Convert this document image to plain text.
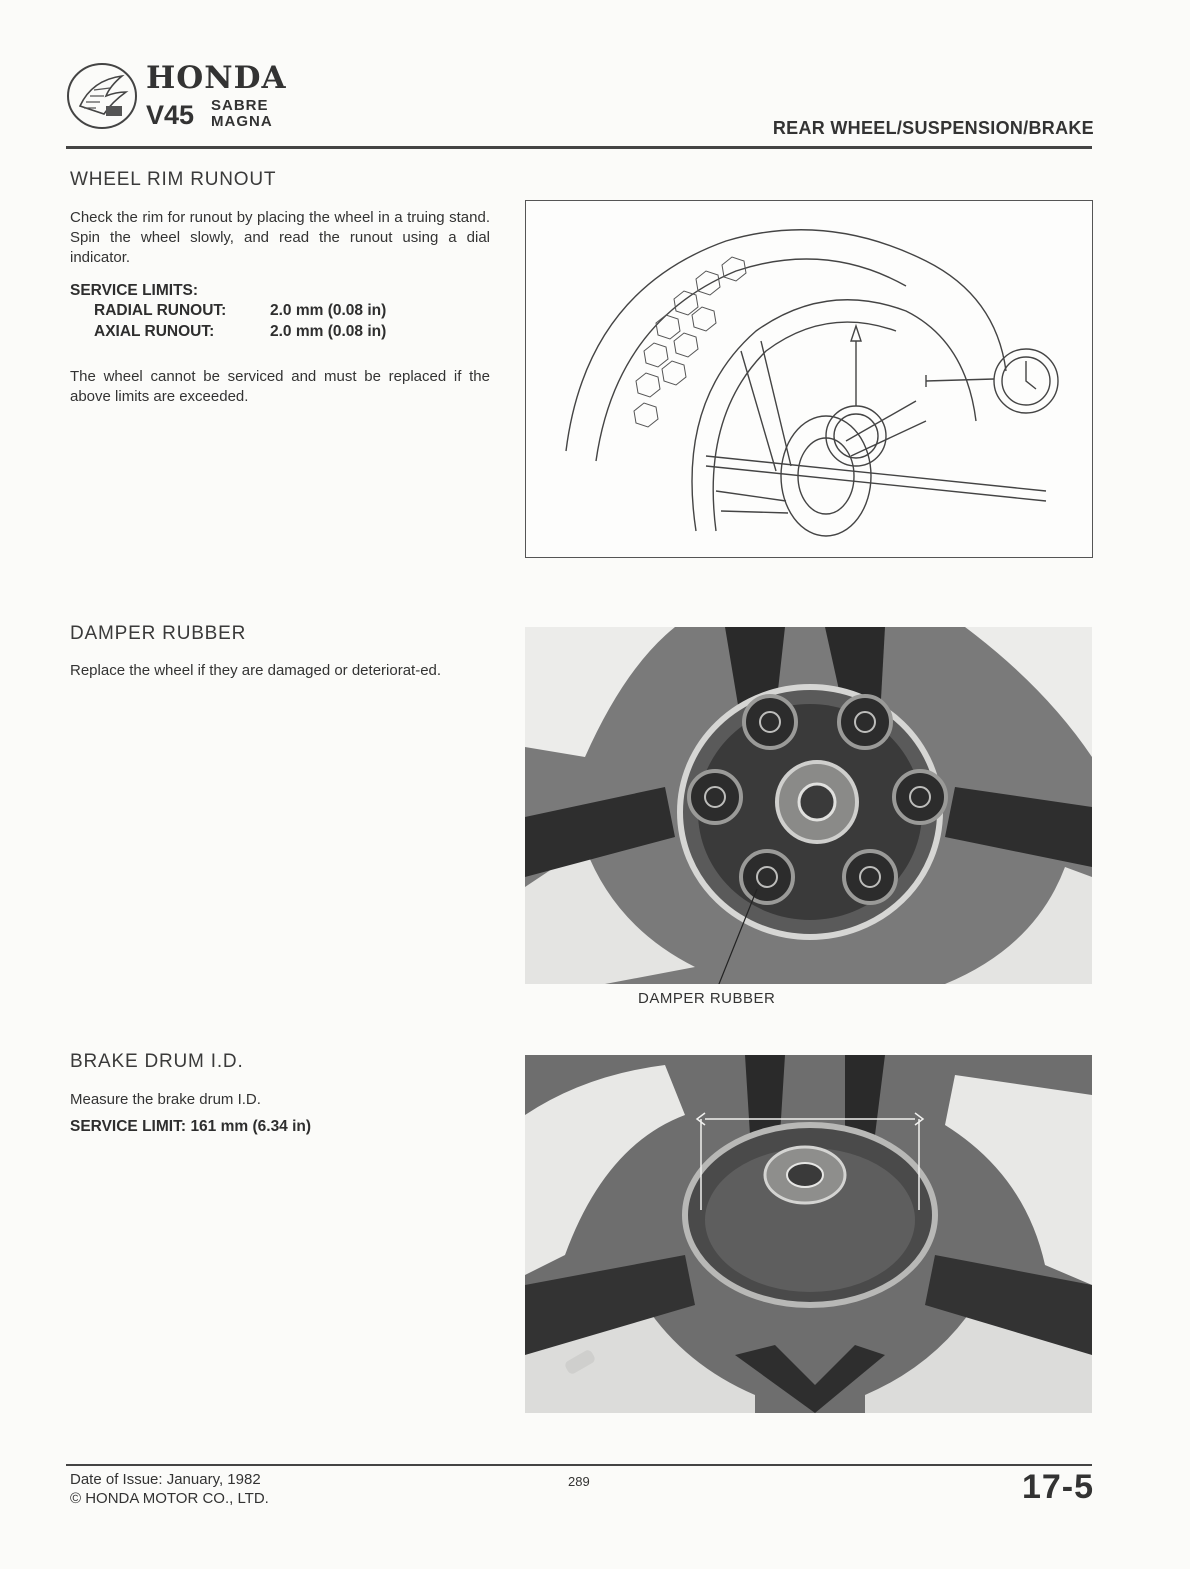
HONDA
V45 SABRE
MAGNA	REAR WHEEL/SUSPENSION/BRAKE
WHEEL RIM RUNOUT
Check the rim for runout by placing the wheel in a truing stand. Spin the wheel slowly, and read the runout using a dial indicator.
SERVICE LIMITS:
RADIAL RUNOUT:	2.0 mm (0.08 in)
AXIAL RUNOUT:	2.0 mm (0.08 in)
The wheel cannot be serviced and must be replaced if the above limits are exceeded.
DAMPER RUBBER
Replace the wheel if they are damaged or deteriorat-ed.
DAMPER RUBBER
BRAKE DRUM I.D.
Measure the brake drum I.D.
SERVICE LIMIT: 161 mm (6.34 in)
Date of Issue: January, 1982
© HONDA MOTOR CO., LTD.
289	17-5
